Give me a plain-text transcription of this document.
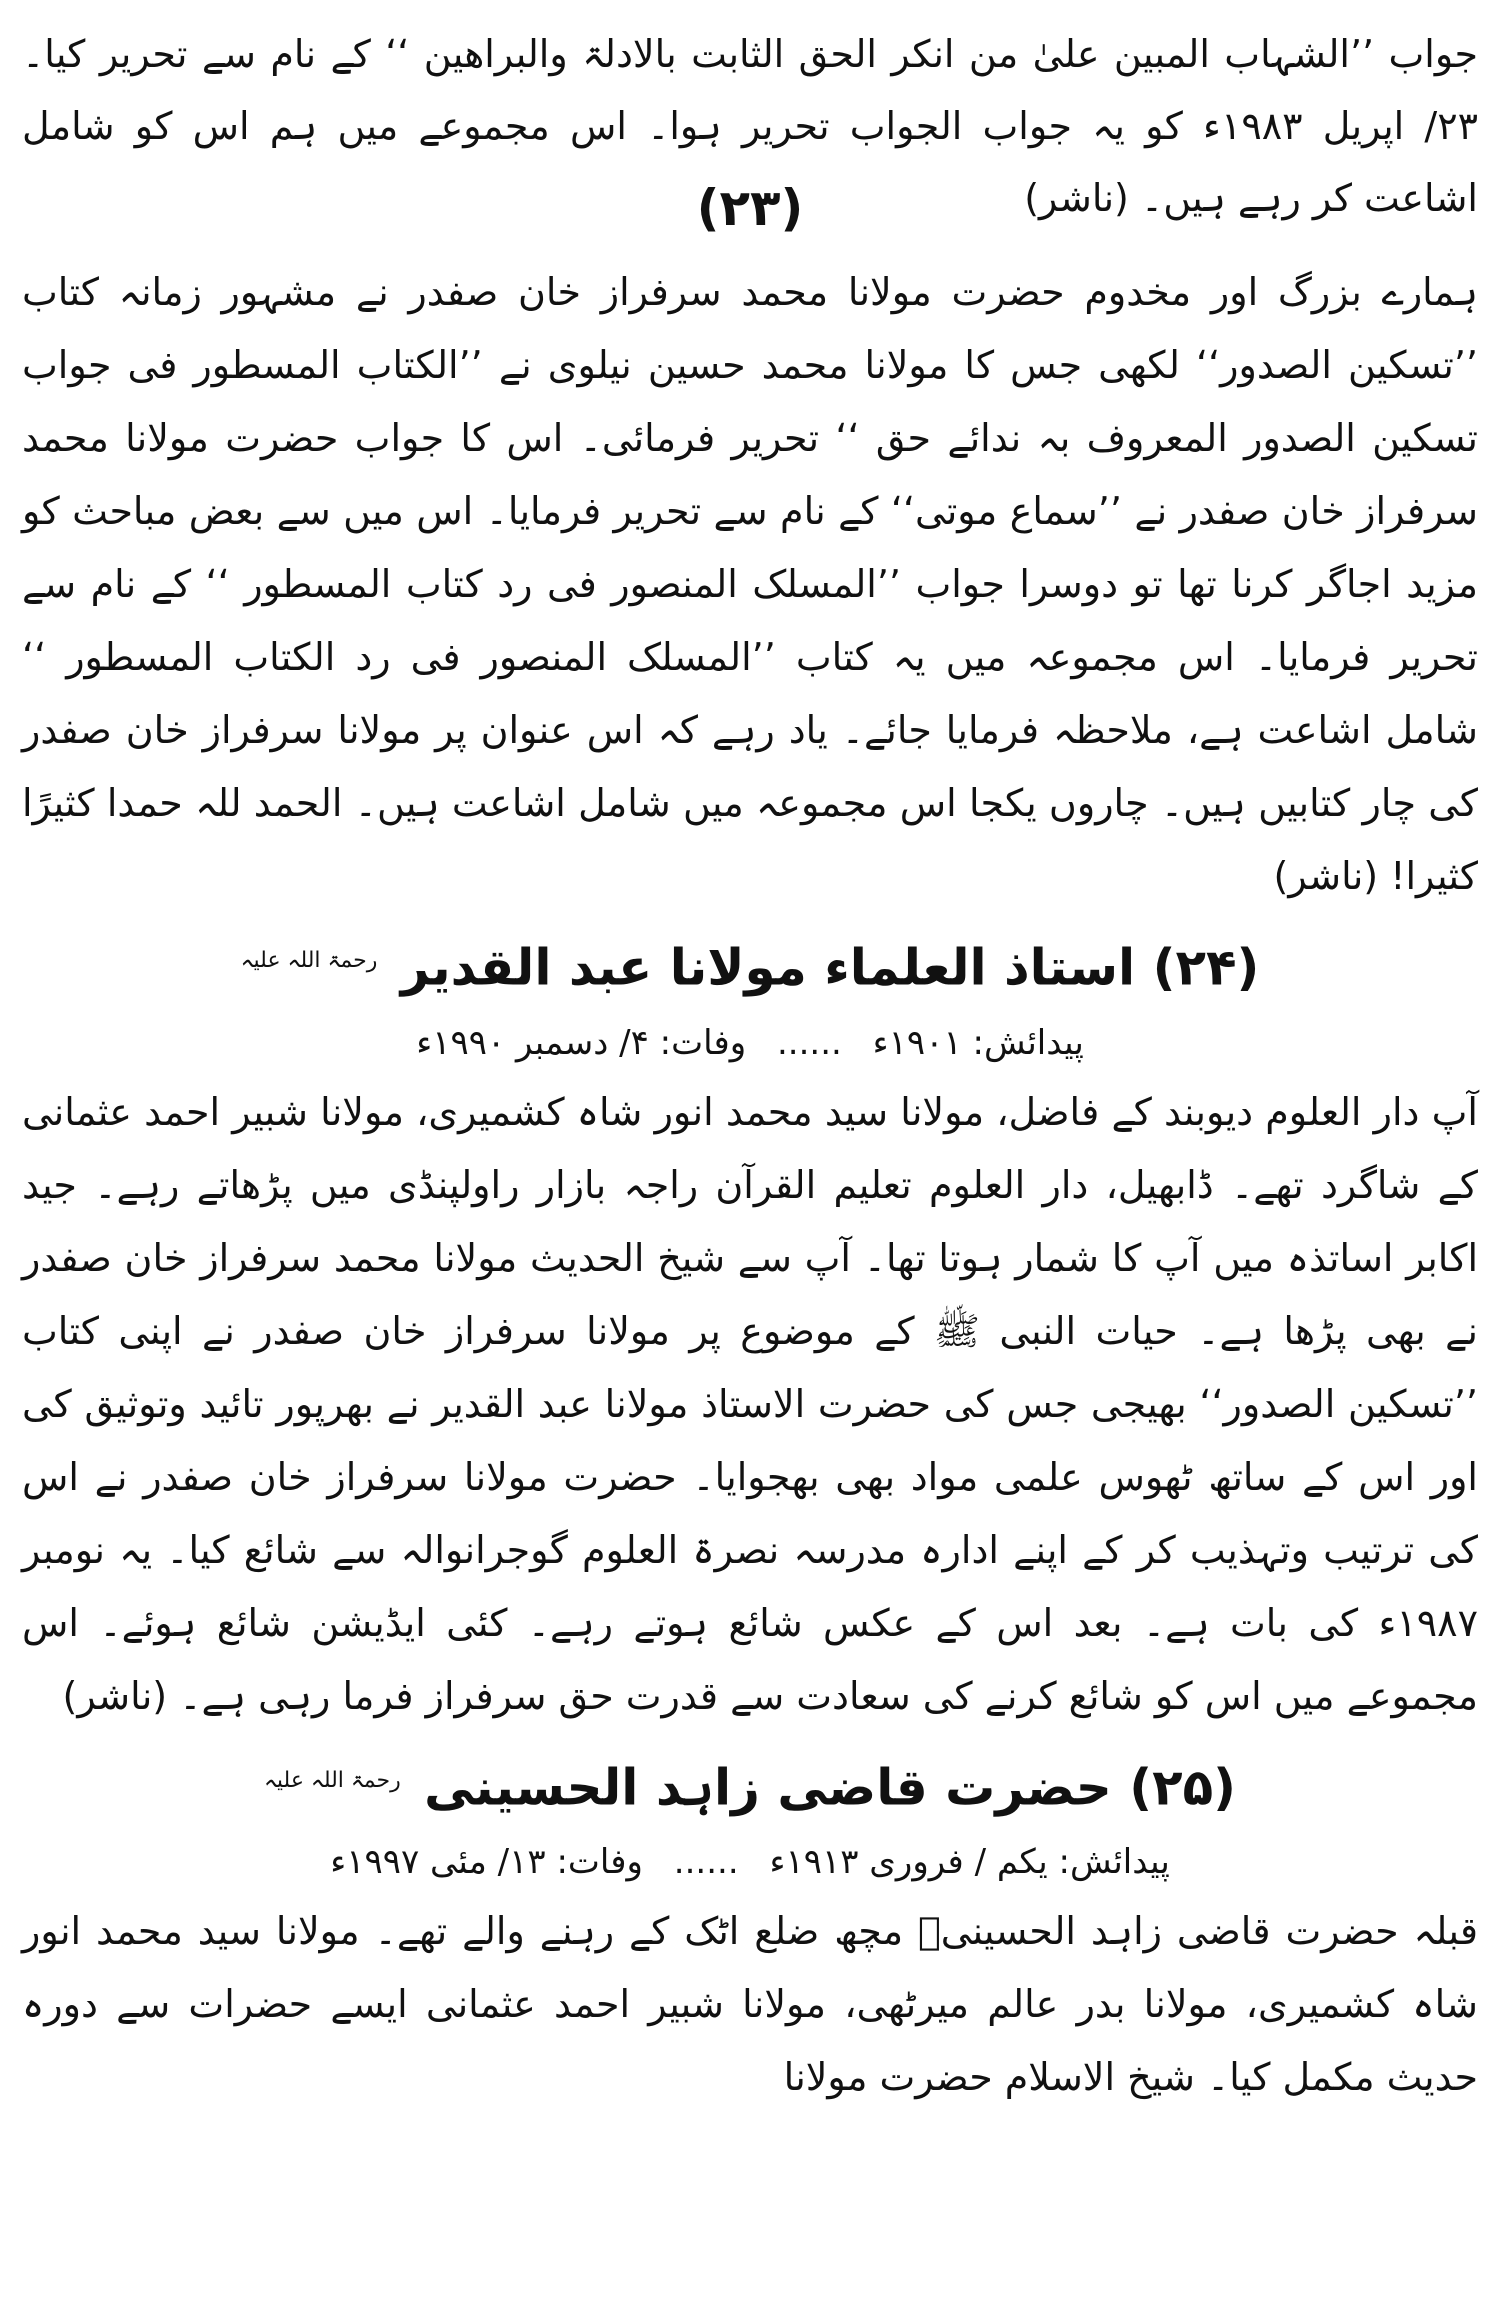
جواب ’’الشہاب المبین علیٰ من انکر الحق الثابت بالادلۃ والبراھین ‘‘ کے نام سے تحریر کیا۔ ۲۳/ اپریل ۱۹۸۳ء کو یہ جواب الجواب تحریر ہوا۔ اس مجموعے میں ہم اس کو شامل اشاعت کر رہے ہیں۔ (ناشر)

(۲۳)

ہمارے بزرگ اور مخدوم حضرت مولانا محمد سرفراز خان صفدر نے مشہور زمانہ کتاب ’’تسکین الصدور‘‘ لکھی جس کا مولانا محمد حسین نیلوی نے ’’الکتاب المسطور فی جواب تسکین الصدور المعروف بہ ندائے حق ‘‘ تحریر فرمائی۔ اس کا جواب حضرت مولانا محمد سرفراز خان صفدر نے ’’سماع موتی‘‘ کے نام سے تحریر فرمایا۔ اس میں سے بعض مباحث کو مزید اجاگر کرنا تھا تو دوسرا جواب ’’المسلک المنصور فی رد کتاب المسطور ‘‘ کے نام سے تحریر فرمایا۔ اس مجموعہ میں یہ کتاب ’’المسلک المنصور فی رد الکتاب المسطور ‘‘ شامل اشاعت ہے، ملاحظہ فرمایا جائے۔ یاد رہے کہ اس عنوان پر مولانا سرفراز خان صفدر کی چار کتابیں ہیں۔ چاروں یکجا اس مجموعہ میں شامل اشاعت ہیں۔ الحمد للہ حمدا کثیرًا کثیرا! (ناشر)

(۲۴) استاذ العلماء مولانا عبد القدیر $^{رحمۃ اللہ علیہ}$

پیدائش: ۱۹۰۱ء ...... وفات: ۴/ دسمبر ۱۹۹۰ء

آپ دار العلوم دیوبند کے فاضل، مولانا سید محمد انور شاہ کشمیری، مولانا شبیر احمد عثمانی کے شاگرد تھے۔ ڈابھیل، دار العلوم تعلیم القرآن راجہ بازار راولپنڈی میں پڑھاتے رہے۔ جید اکابر اساتذہ میں آپ کا شمار ہوتا تھا۔ آپ سے شیخ الحدیث مولانا محمد سرفراز خان صفدر نے بھی پڑھا ہے۔ حیات النبی ﷺ کے موضوع پر مولانا سرفراز خان صفدر نے اپنی کتاب ’’تسکین الصدور‘‘ بھیجی جس کی حضرت الاستاذ مولانا عبد القدیر نے بھرپور تائید وتوثیق کی اور اس کے ساتھ ٹھوس علمی مواد بھی بھجوایا۔ حضرت مولانا سرفراز خان صفدر نے اس کی ترتیب وتہذیب کر کے اپنے ادارہ مدرسہ نصرۃ العلوم گوجرانوالہ سے شائع کیا۔ یہ نومبر ۱۹۸۷ء کی بات ہے۔ بعد اس کے عکس شائع ہوتے رہے۔ کئی ایڈیشن شائع ہوئے۔ اس مجموعے میں اس کو شائع کرنے کی سعادت سے قدرت حق سرفراز فرما رہی ہے۔ (ناشر)

(۲۵) حضرت قاضی زاہد الحسینی $^{رحمۃ اللہ علیہ}$

پیدائش: یکم / فروری ۱۹۱۳ء ...... وفات: ۱۳/ مئی ۱۹۹۷ء

قبلہ حضرت قاضی زاہد الحسینیؒ مچھ ضلع اٹک کے رہنے والے تھے۔ مولانا سید محمد انور شاہ کشمیری، مولانا بدر عالم میرٹھی، مولانا شبیر احمد عثمانی ایسے حضرات سے دورہ حدیث مکمل کیا۔ شیخ الاسلام حضرت مولانا
